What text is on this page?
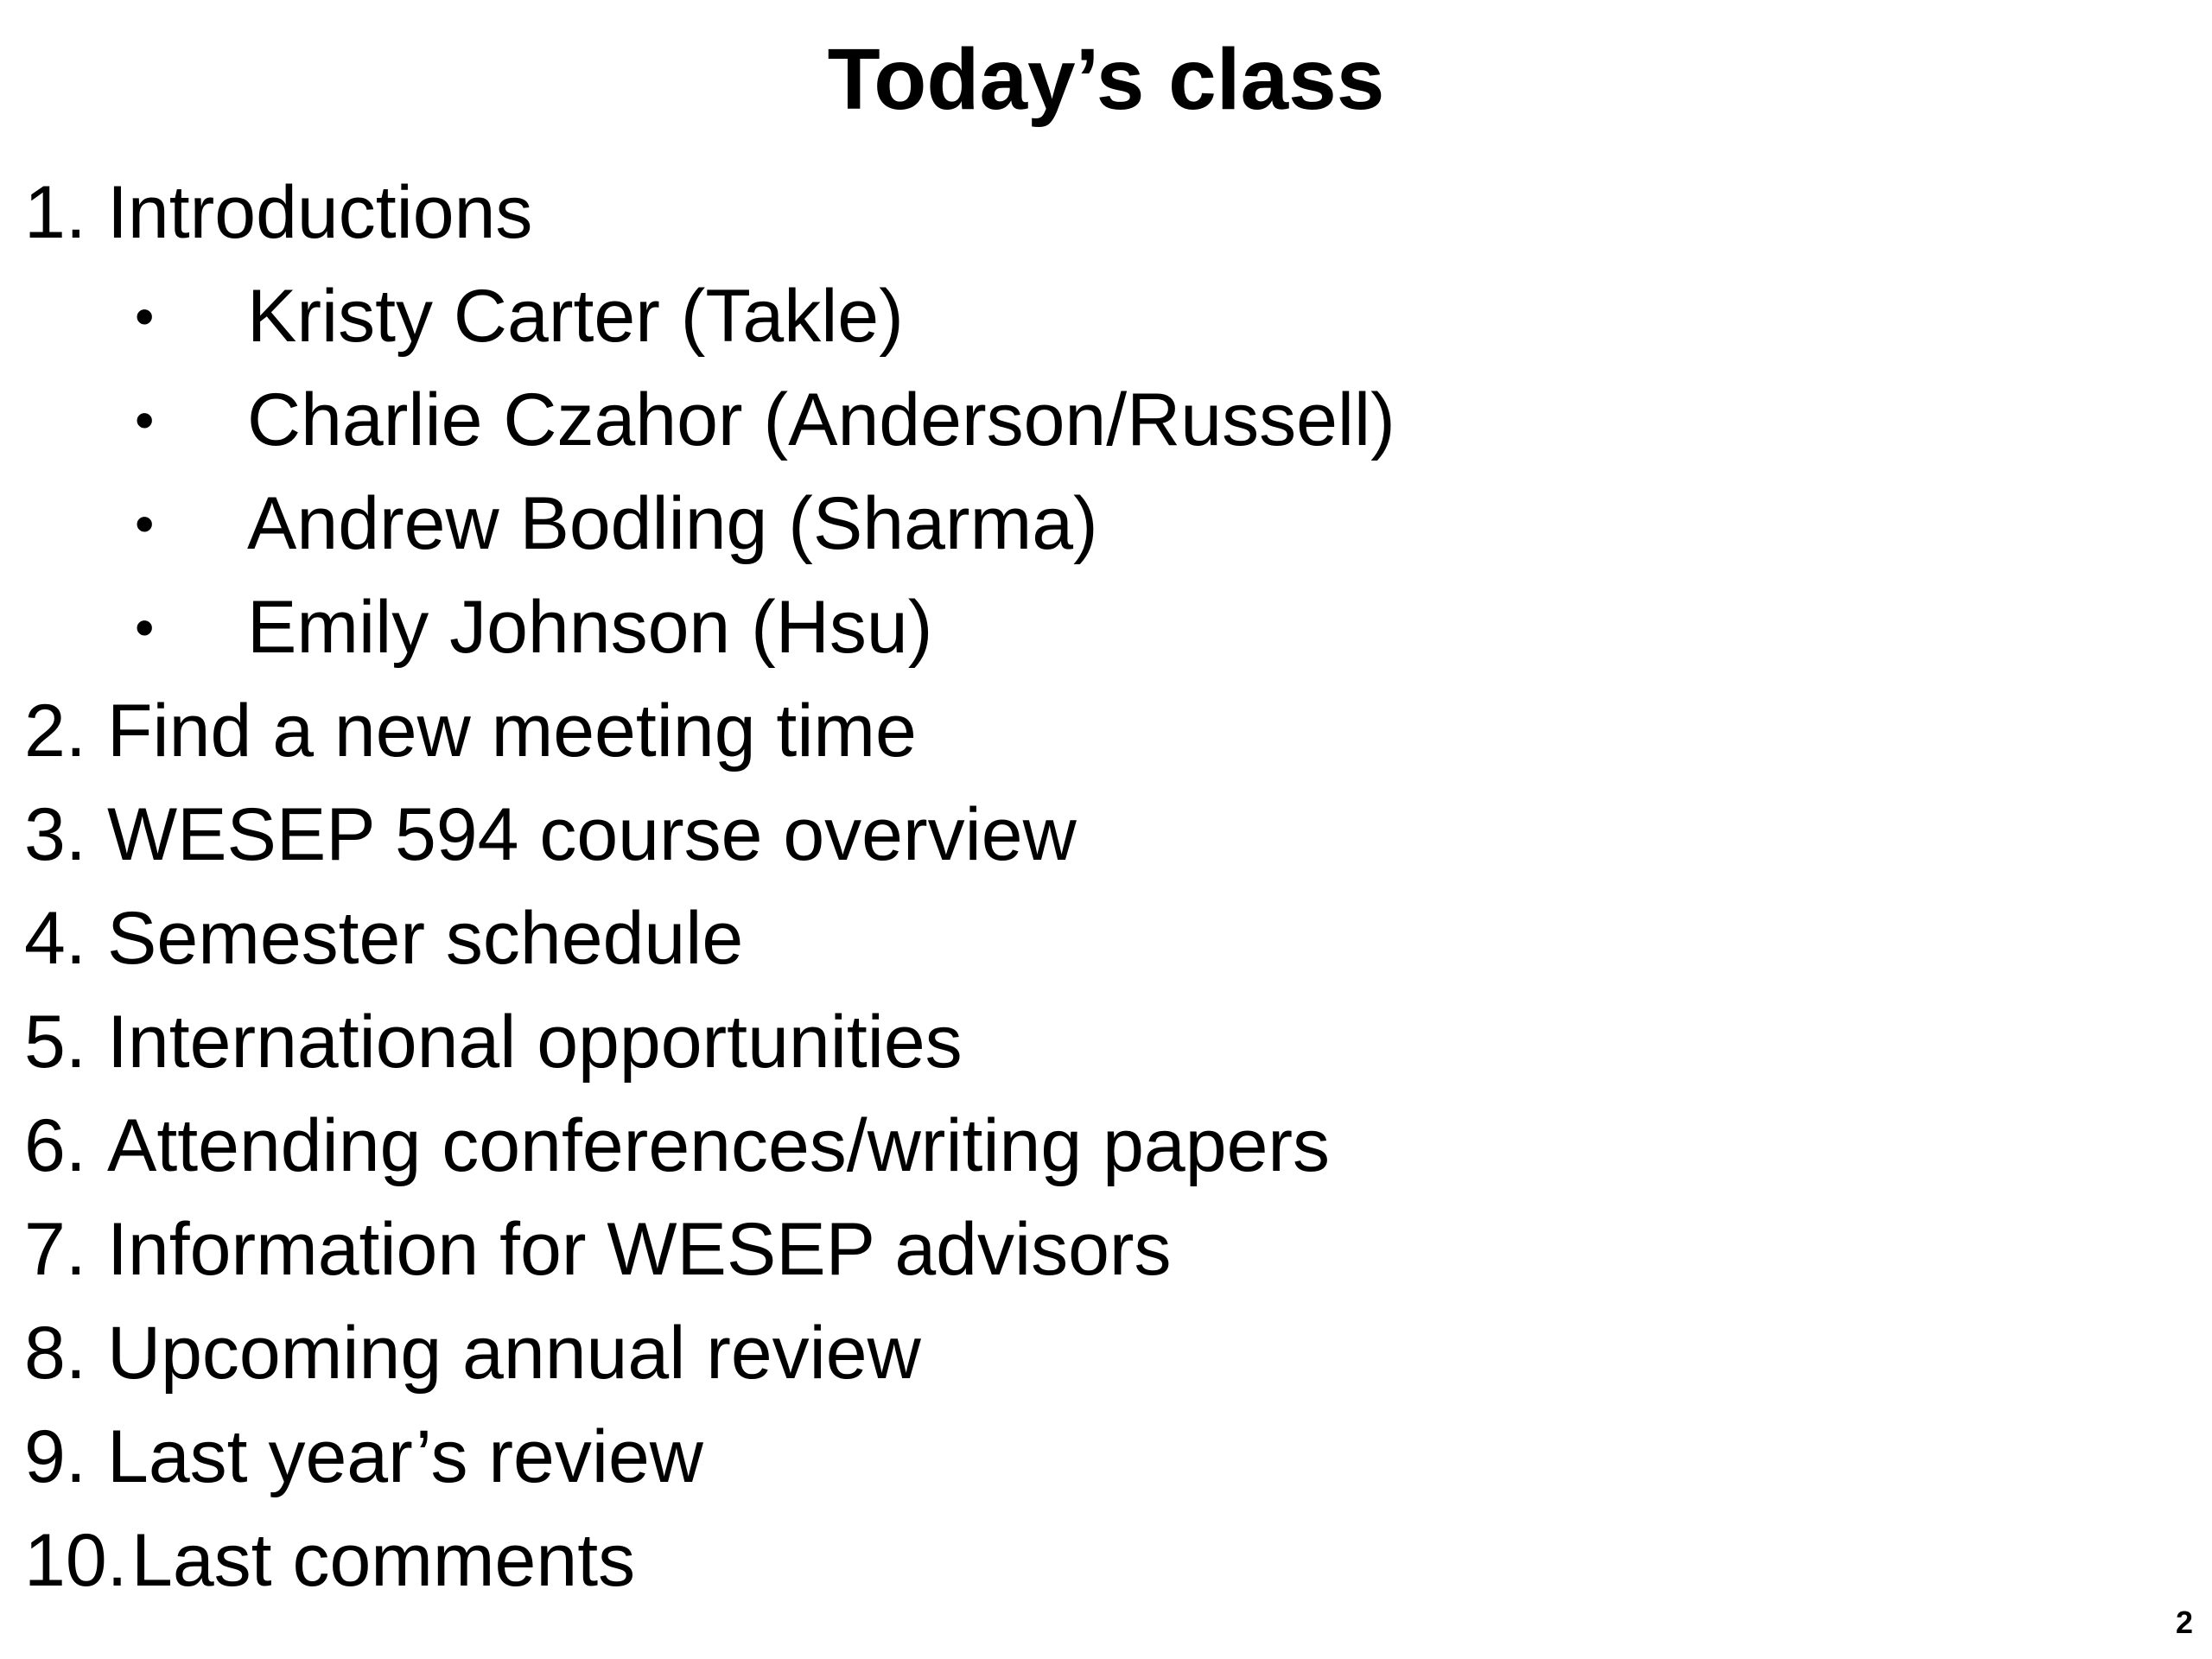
Today’s class
1. Introductions
•	Kristy Carter (Takle)
•	Charlie Czahor (Anderson/Russell)
•	Andrew Bodling (Sharma)
•	Emily Johnson (Hsu)
2. Find a new meeting time
3. WESEP 594 course overview
4. Semester schedule
5. International opportunities
6. Attending conferences/writing papers
7. Information for WESEP advisors
8. Upcoming annual review
9. Last year’s review
10. Last comments
2
